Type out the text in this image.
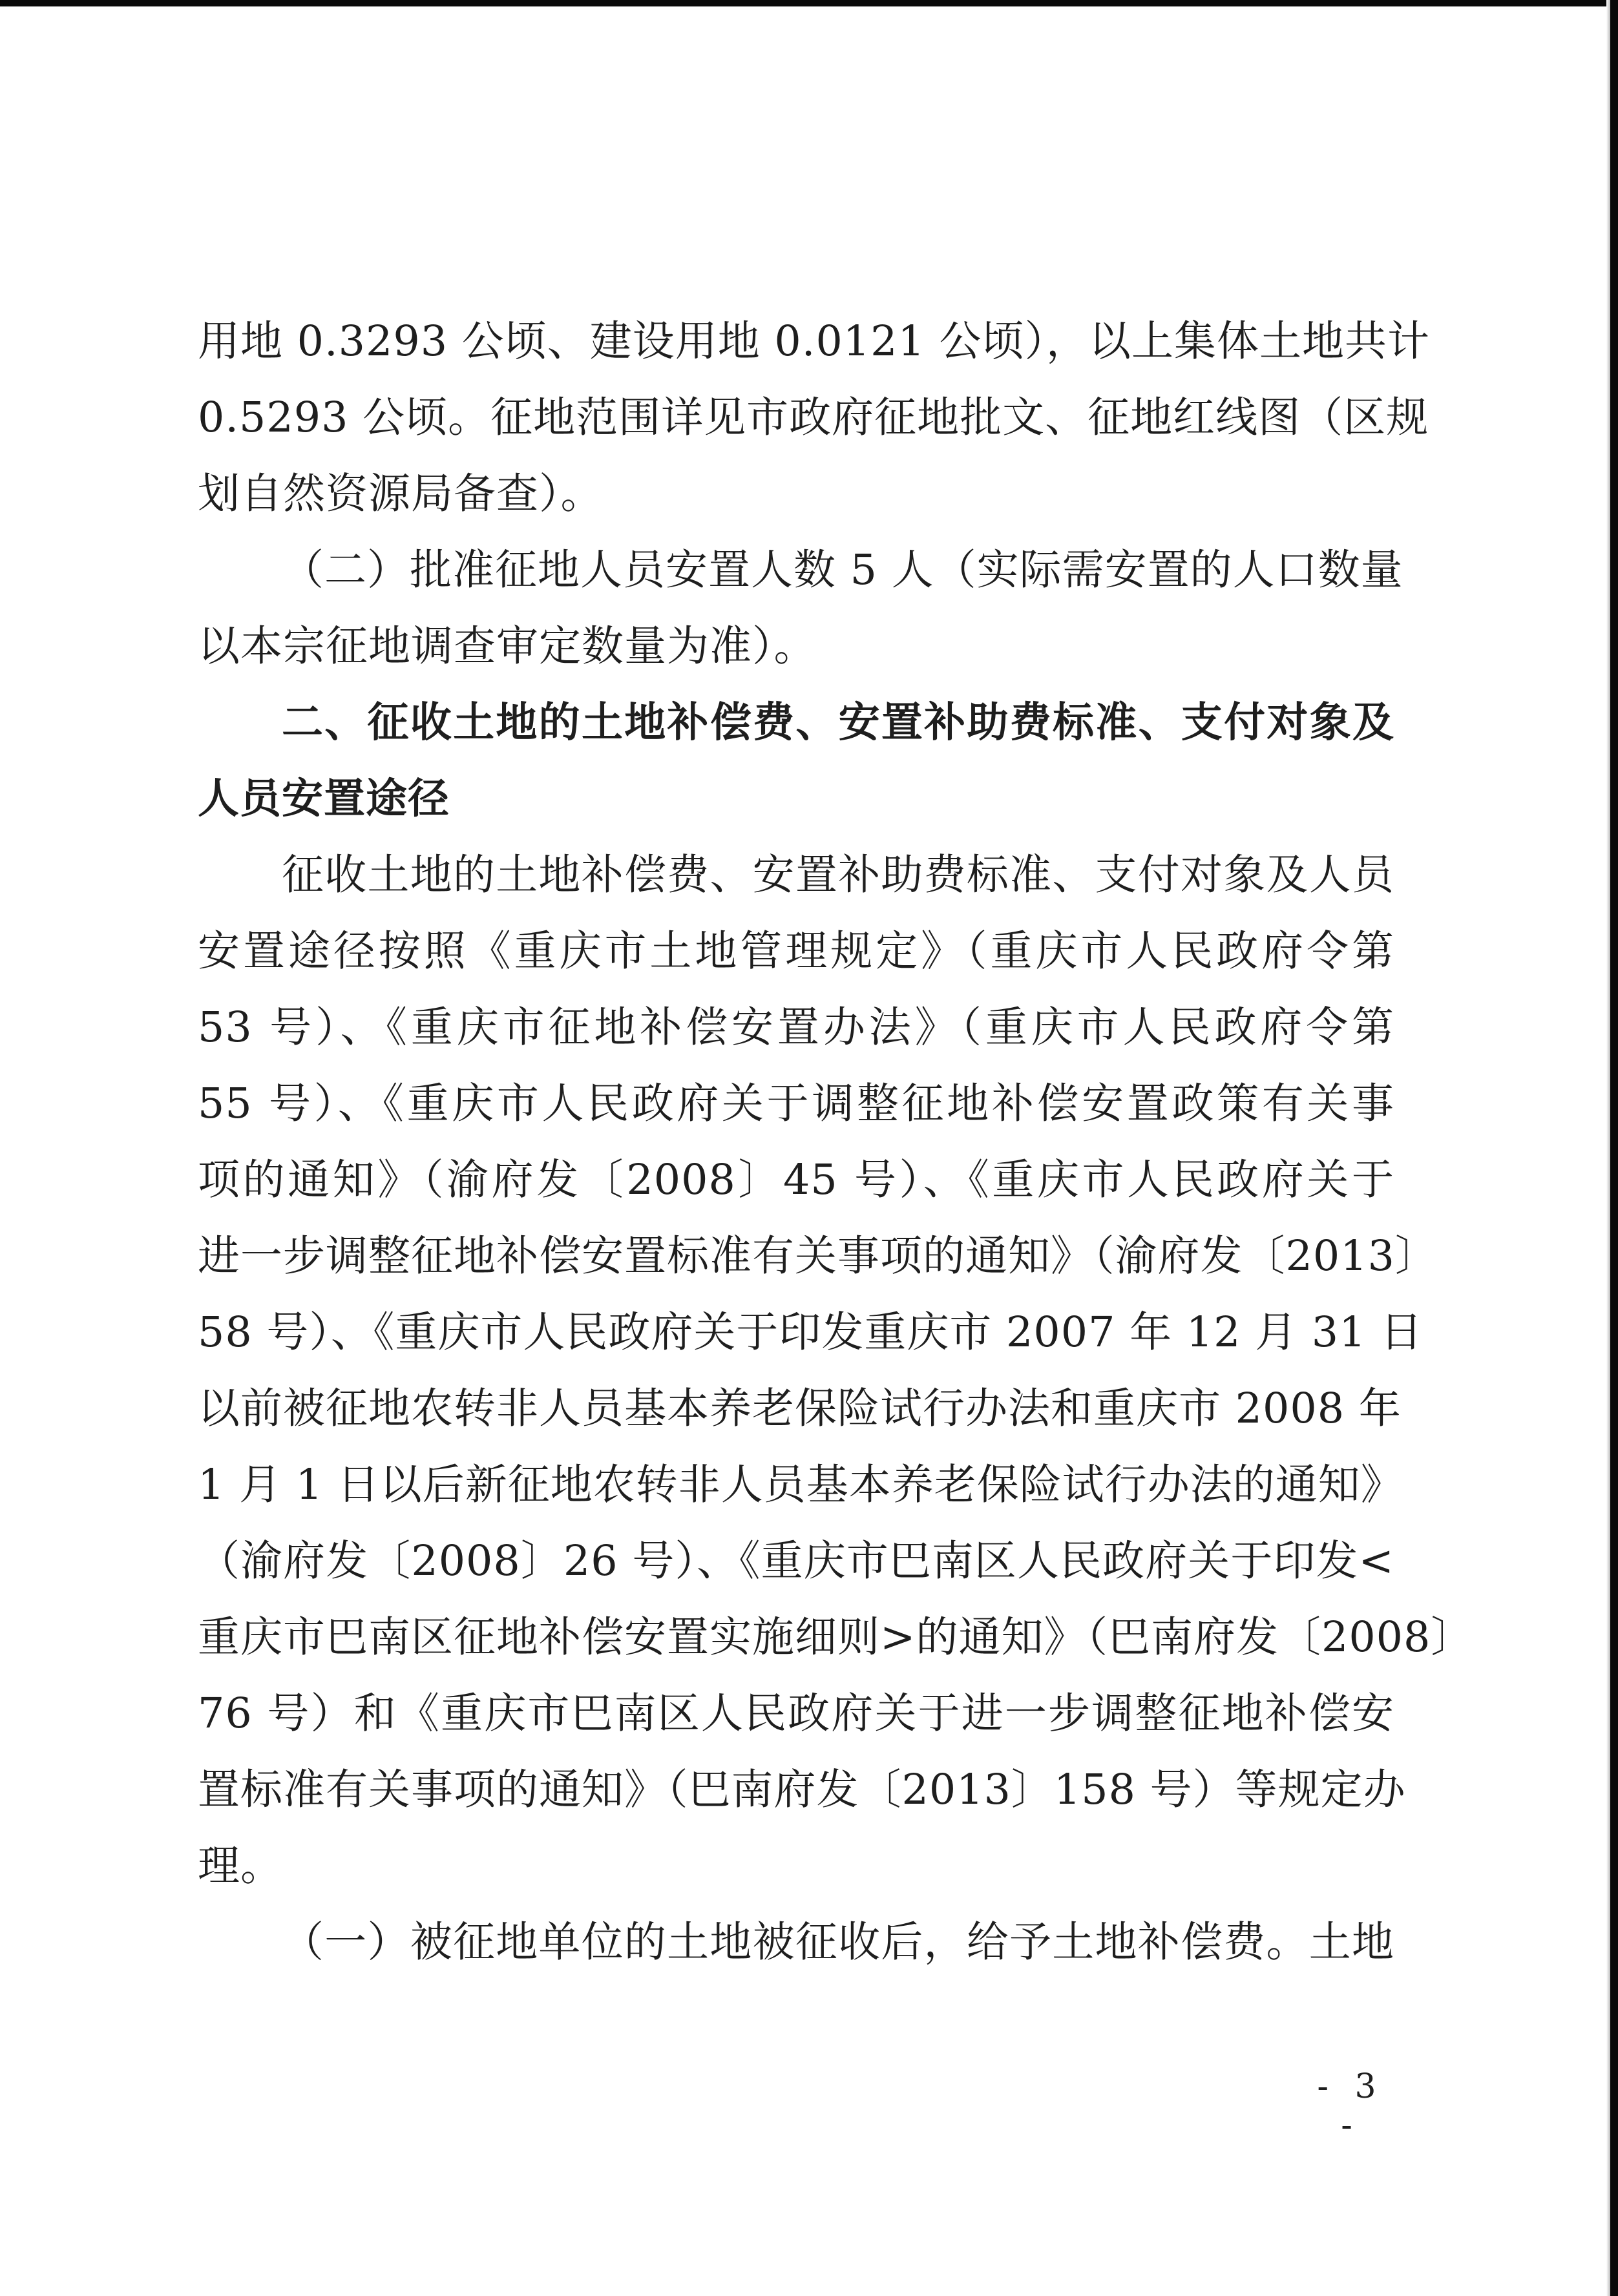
用地 0.3293 公顷、建设用地 0.0121 公顷），以上集体土地共计
0.5293 公顷。征地范围详见市政府征地批文、征地红线图（区规
划自然资源局备查）。
（二）批准征地人员安置人数 5 人（实际需安置的人口数量
以本宗征地调查审定数量为准）。
二、征收土地的土地补偿费、安置补助费标准、支付对象及
人员安置途径
征收土地的土地补偿费、安置补助费标准、支付对象及人员
安置途径按照《重庆市土地管理规定》（重庆市人民政府令第
53 号）、《重庆市征地补偿安置办法》（重庆市人民政府令第
55 号）、《重庆市人民政府关于调整征地补偿安置政策有关事
项的通知》（渝府发〔2008〕45 号）、《重庆市人民政府关于
进一步调整征地补偿安置标准有关事项的通知》（渝府发〔2013〕
58 号）、《重庆市人民政府关于印发重庆市 2007 年 12 月 31 日
以前被征地农转非人员基本养老保险试行办法和重庆市 2008 年
1 月 1 日以后新征地农转非人员基本养老保险试行办法的通知》
（渝府发〔2008〕26 号）、《重庆市巴南区人民政府关于印发<
重庆市巴南区征地补偿安置实施细则>的通知》（巴南府发〔2008〕
76 号）和《重庆市巴南区人民政府关于进一步调整征地补偿安
置标准有关事项的通知》（巴南府发〔2013〕158 号）等规定办
理。
（一）被征地单位的土地被征收后，给予土地补偿费。土地
- 3 -
